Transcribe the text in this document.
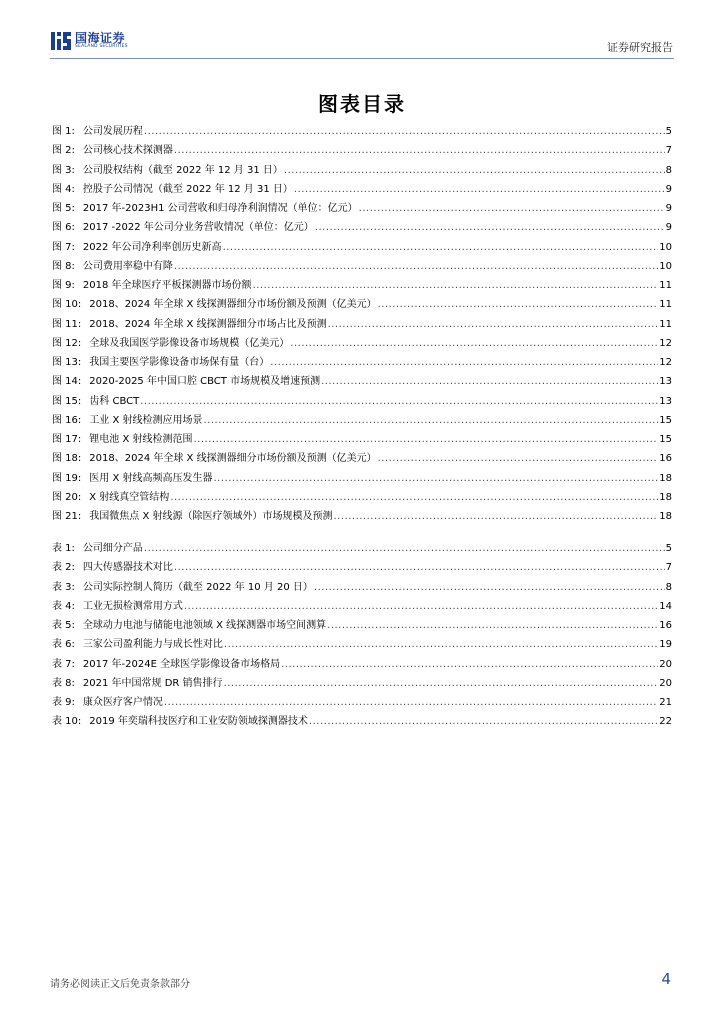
国海证券
SEALAND SECURITIES	证券研究报告
图表目录
图 1: 公司发展历程 .....	5
图 2: 公司核心技术探测器 .....	7
图 3: 公司股权结构（截至 2022 年 12 月 31 日） .....	8
图 4: 控股子公司情况（截至 2022 年 12 月 31 日） .....	9
图 5: 2017 年-2023H1 公司营收和归母净利润情况（单位：亿元） .....	9
图 6: 2017 -2022 年公司分业务营收情况（单位：亿元） .....	9
图 7: 2022 年公司净利率创历史新高 .....	10
图 8: 公司费用率稳中有降 .....	10
图 9: 2018 年全球医疗平板探测器市场份额 .....	11
图 10: 2018、2024 年全球 X 线探测器细分市场份额及预测（亿美元） .....	11
图 11: 2018、2024 年全球 X 线探测器细分市场占比及预测 .....	11
图 12: 全球及我国医学影像设备市场规模（亿美元） .....	12
图 13: 我国主要医学影像设备市场保有量（台） .....	12
图 14: 2020-2025 年中国口腔 CBCT 市场规模及增速预测 .....	13
图 15: 齿科 CBCT .....	13
图 16: 工业 X 射线检测应用场景 .....	15
图 17: 锂电池 X 射线检测范围 .....	15
图 18: 2018、2024 年全球 X 线探测器细分市场份额及预测（亿美元） .....	16
图 19: 医用 X 射线高频高压发生器 .....	18
图 20: X 射线真空管结构 .....	18
图 21: 我国微焦点 X 射线源（除医疗领域外）市场规模及预测 .....	18
表 1: 公司细分产品 .....	5
表 2: 四大传感器技术对比 .....	7
表 3: 公司实际控制人简历（截至 2022 年 10 月 20 日） .....	8
表 4: 工业无损检测常用方式 .....	14
表 5: 全球动力电池与储能电池领域 X 线探测器市场空间测算 .....	16
表 6: 三家公司盈利能力与成长性对比 .....	19
表 7: 2017 年-2024E 全球医学影像设备市场格局 .....	20
表 8: 2021 年中国常规 DR 销售排行 .....	20
表 9: 康众医疗客户情况 .....	21
表 10: 2019 年奕瑞科技医疗和工业安防领域探测器技术 .....	22
请务必阅读正文后免责条款部分	4
